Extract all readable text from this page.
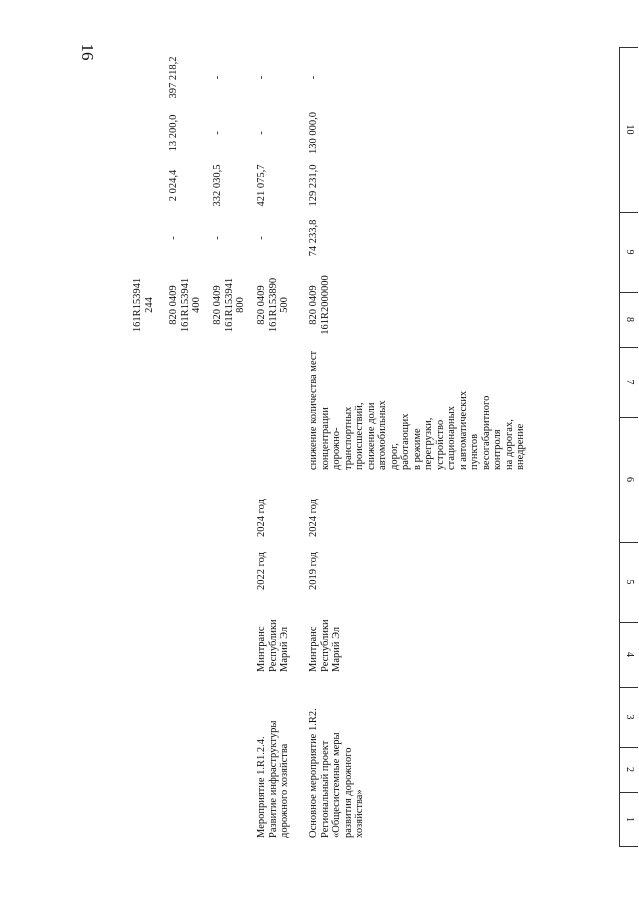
16
10
9
8
7
6
5
4
3
2
1
161R153941
244
820 0409
161R153941
400
-
2 024,4
13 200,0
397 218,2
820 0409
161R153941
800
-
332 030,5
-
-
Мероприятие 1.R1.2.4.
Развитие инфраструктуры
дорожного хозяйства
Минтранс
Республики
Марий Эл
2022 год
2024 год
820 0409
161R153890
500
-
421 075,7
-
-
Основное мероприятие 1.R2.
Региональный проект
«Общесистемные меры
развития дорожного
хозяйства»
Минтранс
Республики
Марий Эл
2019 год
2024 год
снижение количества мест
концентрации
дорожно-
транспортных
происшествий,
снижение доли
автомобильных
дорог,
работающих
в режиме
перегрузки,
устройство
стационарных
и автоматических
пунктов
весогабаритного
контроля
на дорогах,
внедрение
820 0409
161R2000000
74 233,8
129 231,0
130 000,0
-
